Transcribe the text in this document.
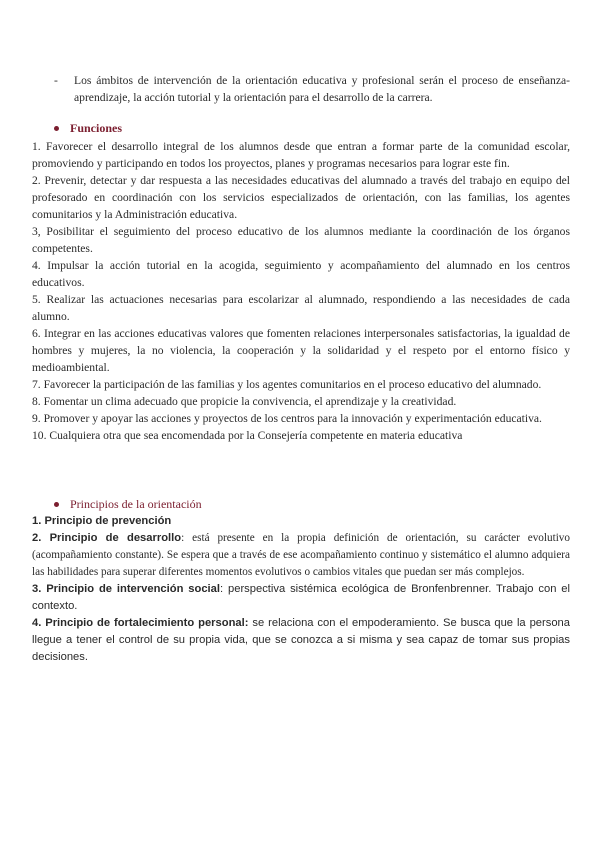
- Los ámbitos de intervención de la orientación educativa y profesional serán el proceso de enseñanza-aprendizaje, la acción tutorial y la orientación para el desarrollo de la carrera.
Funciones
1. Favorecer el desarrollo integral de los alumnos desde que entran a formar parte de la comunidad escolar, promoviendo y participando en todos los proyectos, planes y programas necesarios para lograr este fin.
2. Prevenir, detectar y dar respuesta a las necesidades educativas del alumnado a través del trabajo en equipo del profesorado en coordinación con los servicios especializados de orientación, con las familias, los agentes comunitarios y la Administración educativa.
3, Posibilitar el seguimiento del proceso educativo de los alumnos mediante la coordinación de los órganos competentes.
4. Impulsar la acción tutorial en la acogida, seguimiento y acompañamiento del alumnado en los centros educativos.
5. Realizar las actuaciones necesarias para escolarizar al alumnado, respondiendo a las necesidades de cada alumno.
6. Integrar en las acciones educativas valores que fomenten relaciones interpersonales satisfactorias, la igualdad de hombres y mujeres, la no violencia, la cooperación y la solidaridad y el respeto por el entorno físico y medioambiental.
7. Favorecer la participación de las familias y los agentes comunitarios en el proceso educativo del alumnado.
8. Fomentar un clima adecuado que propicie la convivencia, el aprendizaje y la creatividad.
9. Promover y apoyar las acciones y proyectos de los centros para la innovación y experimentación educativa.
10. Cualquiera otra que sea encomendada por la Consejería competente en materia educativa
Principios de la orientación
1. Principio de prevención
2. Principio de desarrollo: está presente en la propia definición de orientación, su carácter evolutivo (acompañamiento constante). Se espera que a través de ese acompañamiento continuo y sistemático el alumno adquiera las habilidades para superar diferentes momentos evolutivos o cambios vitales que puedan ser más complejos.
3. Principio de intervención social: perspectiva sistémica ecológica de Bronfenbrenner. Trabajo con el contexto.
4. Principio de fortalecimiento personal: se relaciona con el empoderamiento. Se busca que la persona llegue a tener el control de su propia vida, que se conozca a si misma y sea capaz de tomar sus propias decisiones.
